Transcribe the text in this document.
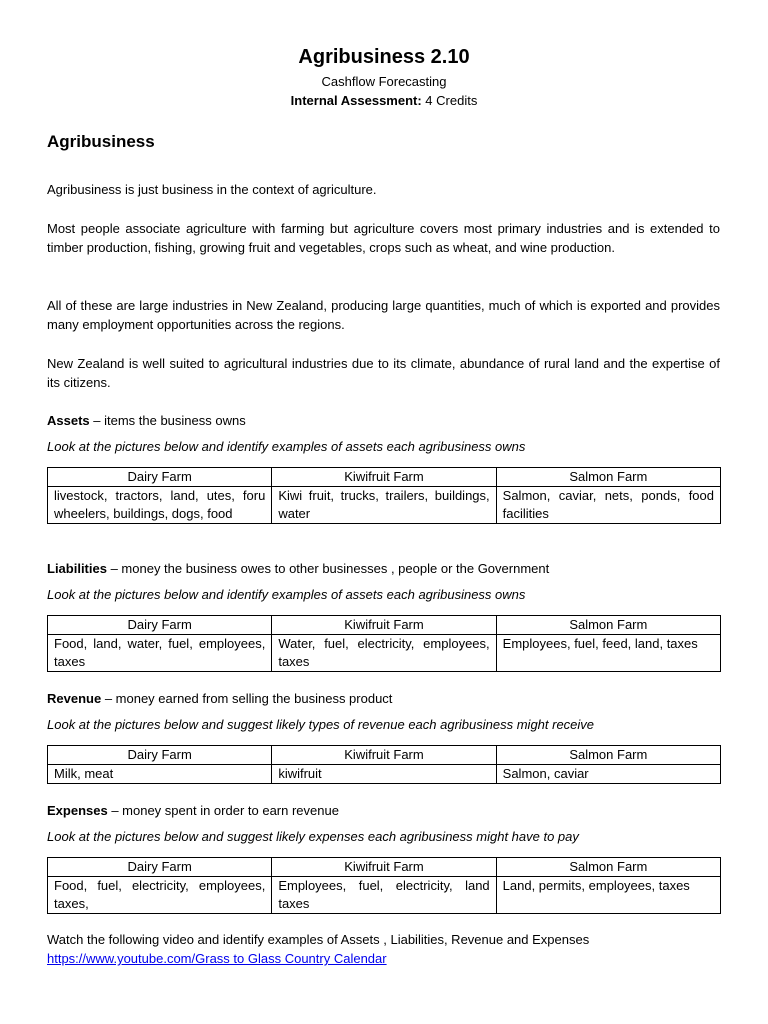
Agribusiness 2.10
Cashflow Forecasting
Internal Assessment: 4 Credits
Agribusiness
Agribusiness is just business in the context of agriculture.
Most people associate agriculture with farming but agriculture covers most primary industries and is extended to timber production, fishing, growing fruit and vegetables, crops such as wheat, and wine production.
All of these are large industries in New Zealand, producing large quantities, much of which is exported and provides many employment opportunities across the regions.
New Zealand is well suited to agricultural industries due to its climate, abundance of rural land and the expertise of its citizens.
Assets – items the business owns
Look at the pictures below and identify examples of assets each agribusiness owns
Dairy Farm	Kiwifruit Farm	Salmon Farm
livestock, tractors, land, utes, foru wheelers, buildings, dogs, food	Kiwi fruit, trucks, trailers, buildings, water	Salmon, caviar, nets, ponds, food facilities
Liabilities – money the business owes to other businesses , people or the Government
Look at the pictures below and identify examples of assets each agribusiness owns
Dairy Farm	Kiwifruit Farm	Salmon Farm
Food, land, water, fuel, employees, taxes	Water, fuel, electricity, employees, taxes	Employees, fuel, feed, land, taxes
Revenue – money earned from selling the business product
Look at the pictures below and suggest likely types of revenue each agribusiness might receive
Dairy Farm	Kiwifruit Farm	Salmon Farm
Milk, meat	kiwifruit	Salmon, caviar
Expenses – money spent in order to earn revenue
Look at the pictures below and suggest likely expenses each agribusiness might have to pay
Dairy Farm	Kiwifruit Farm	Salmon Farm
Food, fuel, electricity, employees, taxes,	Employees, fuel, electricity, land taxes	Land, permits, employees, taxes
Watch the following video and identify examples of Assets , Liabilities, Revenue and Expenses
https://www.youtube.com/Grass to Glass Country Calendar
